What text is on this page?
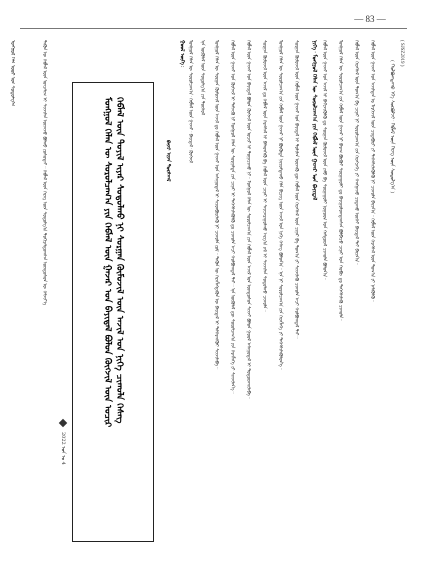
— 83 —
ᠮᠣᠩᠭᠤᠯ ᠬᠡᠯᠡ ᠤᠤᠷ ᠤᠨ ᠰᠤᠳᠤᠯᠭ᠎ᠠ	ᠲᠡᠭᠦᠨ ᠦ ᠬᠡᠪᠯᠡᠯ ᠦᠨ ᠣᠨᠴᠠᠯᠢᠭ ᠢ ᠰᠢᠨᠵᠢᠯᠡᠨ ᠦᠵᠡᠵᠦ ᠪᠣᠯᠬᠤ ᠶᠣᠰᠣᠲᠠᠢ᠃ ᠬᠡᠪᠯᠡᠯ ᠦᠨ ᠬᠡᠷᠡᠭ ᠦᠨ ᠰᠤᠳᠤᠯᠭ᠎ᠠ ᠲᠣᠬᠢᠶᠠᠯᠳᠤᠭᠰᠠᠨ ᠦᠨᠳᠦᠰᠦᠨ ᠦ ᠬᠡᠮᠵᠢᠶ᠎ᠡ
2022 ᠣᠨ ᠤ 4
ᠮᠣᠩᠭᠤᠯ ᠬᠡᠯᠡᠨ ᠦ ᠰᠤᠷᠤᠯᠴᠠᠭ᠎ᠠ ᠶᠢᠨ ᠬᠡᠪᠯᠡᠯ ᠦᠨ ᠭᠠᠵᠠᠷ ᠤᠨ ᠪᠠᠶᠢᠳᠠᠯ ᠪᠣᠯᠣᠨ ᠬᠦᠭᠵᠢᠯ ᠦᠨ ᠤᠴᠢᠷ ᠬᠡᠪᠯᠡᠯ ᠦᠨ ᠲᠤᠶᠢᠯ ᠢᠶᠠᠷ ᠰᠤᠳᠤᠯᠬᠤ ᠨᠢ ᠰᠤᠷᠭᠠᠨ ᠬᠦᠮᠦᠵᠢᠯ ᠦᠨ ᠠᠵᠢᠯ ᠤᠨ ᠨᠢᠭᠡ ᠴᠢᠬᠤᠯᠠ ᠬᠡᠰᠡᠭ	ᠪᠠᠶᠠᠷ ᠢᠶᠠᠨ ᠳᠤᠷᠰᠬᠠᠯ
ᠭᠣᠣᠯ ᠦᠭᠡ᠄ ᠮᠣᠩᠭᠤᠯ ᠬᠡᠯᠡᠨ ᠦ ᠰᠤᠷᠤᠯᠴᠠᠭ᠎ᠠ᠂ ᠬᠡᠪᠯᠡᠯ ᠦᠨ ᠭᠠᠵᠠᠷ᠂ ᠪᠠᠶᠢᠳᠠᠯ᠂ ᠬᠦᠭᠵᠢᠯ	ᠡᠨᠡ ᠥᠭᠦᠯᠡᠯ ᠦᠨ ᠰᠤᠳᠤᠯᠭ᠎ᠠ ᠶᠢᠨ ᠲᠥᠰᠥᠯ	ᠮᠣᠩᠭᠤᠯ ᠬᠡᠯᠡᠨ ᠦ ᠰᠤᠷᠭᠠᠨ ᠬᠦᠮᠦᠵᠢᠯ ᠦᠨ ᠠᠵᠢᠯ ᠳᠤ ᠬᠡᠪᠯᠡᠯ ᠦᠨ ᠭᠠᠵᠠᠷ ᠤᠨ ᠠᠰᠠᠭᠤᠳᠠᠯ ᠢ ᠰᠢᠢᠳᠪᠦᠷᠢᠯᠡᠬᠦ ᠨᠢ ᠴᠢᠬᠤᠯᠠ ᠶᠤᠮ᠃ ᠲᠡᠭᠦᠨ ᠦ ᠬᠡᠷᠡᠭᠯᠡᠭᠳᠡᠬᠦᠨ ᠦ ᠪᠠᠶᠢᠳᠠᠯ ᠢ ᠳᠡᠯᠭᠡᠷᠡᠩᠭᠦᠢ ᠰᠢᠨᠵᠢᠯᠡᠪᠡ᠃	ᠬᠡᠪᠯᠡᠯ ᠦᠨ ᠭᠠᠵᠠᠷ ᠤᠨ ᠬᠦᠭᠵᠢᠯ ᠢ ᠳᠡᠮᠵᠢᠬᠦ ᠨᠢ ᠮᠣᠩᠭᠤᠯ ᠬᠡᠯᠡᠨ ᠦ ᠰᠤᠷᠭᠠᠯᠲᠠ ᠶᠢᠨ ᠴᠢᠨᠠᠷ ᠢ ᠳᠡᠭᠡᠭᠰᠢᠯᠡᠭᠦᠯᠬᠦ ᠳᠤ ᠴᠢᠬᠤᠯᠠ ᠠᠴᠢ ᠬᠣᠯᠪᠣᠭᠳᠠᠯ ᠲᠠᠢ᠃ ᠡᠨᠡ ᠥᠭᠦᠯᠡᠯ ᠳᠦ ᠰᠤᠷᠤᠯᠴᠠᠭ᠎ᠠ ᠶᠢᠨ ᠬᠡᠷᠡᠭᠯᠡᠭᠡ ᠶᠢ ᠰᠢᠨᠵᠢᠯᠡᠨ᠎ᠡ᠃	ᠬᠡᠪᠯᠡᠯ ᠦᠨ ᠭᠠᠵᠠᠷ ᠤᠨ ᠪᠠᠶᠢᠳᠠᠯ ᠪᠣᠯᠣᠨ ᠬᠦᠭᠵᠢᠯ ᠦᠨ ᠤᠴᠢᠷ ᠢ ᠲᠣᠭᠠᠴᠢᠬᠤ ᠨᠢ᠃ ᠮᠣᠩᠭᠤᠯ ᠬᠡᠯᠡᠨ ᠦ ᠰᠤᠷᠤᠯᠴᠠᠭ᠎ᠠ ᠶᠢᠨ ᠬᠡᠪᠯᠡᠯ ᠦᠨ ᠠᠵᠢᠯ ᠤᠨ ᠦᠨᠳᠦᠰᠦᠨ ᠰᠢᠨᠵᠢ ᠪᠣᠯᠣᠨ ᠭᠣᠣᠯ ᠠᠰᠠᠭᠤᠳᠠᠯ ᠢ ᠲᠣᠳᠣᠷᠬᠠᠢᠯᠠᠪᠠ᠃	ᠰᠤᠷᠭᠠᠨ ᠬᠦᠮᠦᠵᠢᠯ ᠦᠨ ᠠᠵᠢᠯ ᠳᠤ ᠬᠡᠪᠯᠡᠯ ᠦᠨ ᠬᠡᠷᠡᠭᠰᠡᠯ ᠢ ᠪᠡᠯᠡᠳᠬᠡᠬᠦ ᠪᠠ ᠬᠡᠪᠯᠡᠯ ᠦᠨ ᠴᠢᠨᠠᠷ ᠢ ᠰᠠᠶᠢᠵᠢᠷᠠᠭᠤᠯᠬᠤ ᠠᠷᠭ᠎ᠠ ᠵᠠᠮ ᠢ ᠰᠢᠨᠵᠢᠯᠡᠨ ᠰᠤᠳᠤᠯᠬᠤ ᠴᠢᠬᠤᠯᠠ᠃	ᠮᠣᠩᠭᠤᠯ ᠬᠡᠯᠡᠨ ᠦ ᠰᠤᠷᠤᠯᠴᠠᠭ᠎ᠠ ᠶᠢᠨ ᠬᠡᠪᠯᠡᠯ ᠦᠨ ᠭᠠᠵᠠᠷ ᠨᠢ ᠪᠦᠭᠦᠳᠡ ᠨᠠᠶᠢᠷᠠᠮᠳᠠᠬᠤ ᠬᠡᠯᠡ ᠪᠢᠴᠢᠭ ᠦᠨ ᠠᠵᠢᠯ ᠤᠨ ᠨᠢᠭᠡ ᠬᠡᠰᠡᠭ ᠪᠣᠯᠣᠨ᠎ᠠ᠃ ᠡᠨᠡ ᠨᠢ ᠰᠤᠷᠤᠯᠴᠠᠭ᠎ᠠ ᠶᠢᠨ ᠬᠡᠷᠡᠭᠯᠡᠭᠡ ᠶᠢ ᠳᠡᠭᠡᠭᠰᠢᠯᠡᠭᠦᠯᠦᠨ᠎ᠡ᠃	ᠰᠤᠷᠭᠠᠨ ᠬᠦᠮᠦᠵᠢᠯ ᠦᠨ ᠬᠡᠪᠯᠡᠯ ᠦᠨ ᠭᠠᠵᠠᠷ ᠤᠨ ᠪᠠᠶᠢᠳᠠᠯ ᠢ ᠲᠣᠯᠢᠯᠠᠨ ᠦᠵᠡᠬᠦ ᠳᠦ ᠬᠡᠪᠯᠡᠯ ᠦᠨ ᠬᠡᠷᠡᠭᠰᠡᠯ ᠦᠨ ᠴᠢᠨᠠᠷ ᠪᠠ ᠲᠣᠭ᠎ᠠ ᠶᠢ ᠰᠢᠨᠵᠢᠯᠡᠬᠦ ᠴᠢᠬᠤᠯᠠ ᠠᠴᠢ ᠬᠣᠯᠪᠣᠭᠳᠠᠯ ᠲᠠᠢ᠃	ᠨᠢᠭᠡ᠂ ᠮᠣᠩᠭᠤᠯ ᠬᠡᠯᠡᠨ ᠦ ᠰᠤᠷᠤᠯᠴᠠᠭ᠎ᠠ ᠶᠢᠨ ᠬᠡᠪᠯᠡᠯ ᠦᠨ ᠭᠠᠵᠠᠷ ᠤᠨ ᠪᠠᠶᠢᠳᠠᠯ ᠬᠡᠪᠯᠡᠯ ᠦᠨ ᠭᠠᠵᠠᠷ ᠤᠨ ᠠᠵᠢᠯ ᠢ ᠪᠡᠬᠢᠵᠢᠭᠦᠯᠬᠦ ᠳᠤ ᠰᠤᠷᠭᠠᠨ ᠬᠦᠮᠦᠵᠢᠯ ᠦᠨ ᠶᠠᠮᠤ ᠪᠠ ᠰᠤᠷᠭᠠᠭᠤᠯᠢ ᠨᠤᠭᠤᠳ ᠤᠨ ᠬᠠᠮᠲᠤᠷᠠᠯ ᠴᠢᠬᠤᠯᠠ ᠪᠣᠯᠣᠨ᠎ᠠ᠃	ᠮᠣᠩᠭᠤᠯ ᠬᠡᠯᠡᠨ ᠦ ᠰᠤᠷᠤᠯᠴᠠᠭ᠎ᠠ ᠶᠢᠨ ᠬᠡᠪᠯᠡᠯ ᠦᠨ ᠭᠠᠵᠠᠷ ᠨᠢ ᠪᠠᠷᠠᠭ ᠪᠦᠬᠦᠢ ᠰᠤᠷᠭᠠᠭᠤᠯᠢ ᠳᠤ ᠪᠠᠶᠢᠭᠤᠯᠤᠭᠳᠠᠭᠰᠠᠨ ᠪᠣᠯᠪᠠᠴᠤ ᠴᠢᠨᠠᠷ ᠤᠨ ᠬᠤᠪᠢ ᠳᠤ ᠳᠡᠭᠡᠭᠰᠢᠯᠡᠬᠦ ᠴᠢᠬᠤᠯᠠ᠃	ᠬᠡᠪᠯᠡᠯ ᠦᠨ ᠬᠡᠷᠡᠭᠰᠡᠯ ᠦᠨ ᠲᠣᠭ᠎ᠠ ᠪᠠ ᠴᠢᠨᠠᠷ ᠨᠢ ᠰᠤᠷᠤᠯᠴᠠᠭ᠎ᠠ ᠶᠢᠨ ᠬᠡᠷᠡᠭᠴᠡᠭᠡ ᠶᠢ ᠬᠠᠩᠭᠠᠵᠤ ᠴᠢᠳᠠᠬᠤ ᠦᠭᠡᠢ ᠪᠠᠶᠢᠳᠠᠯ ᠲᠠᠢ ᠪᠠᠶᠢᠨ᠎ᠠ᠃	ᠬᠡᠪᠯᠡᠯ ᠦᠨ ᠭᠠᠵᠠᠷ ᠤᠨ ᠠᠵᠢᠯᠲᠠᠨ ᠤ ᠮᠡᠷᠭᠡᠵᠢᠯ ᠦᠨ ᠴᠢᠳᠠᠪᠤᠷᠢ ᠶᠢ ᠳᠡᠭᠡᠭᠰᠢᠯᠡᠭᠦᠯᠬᠦ ᠨᠢ ᠴᠢᠬᠤᠯᠠ ᠪᠠᠶᠢᠨ᠎ᠠ᠃ ᠬᠡᠪᠯᠡᠯ ᠦᠨ ᠬᠡᠷᠡᠭᠰᠡᠯ ᠦᠨ ᠲᠣᠭ᠎ᠠ ᠶᠢ ᠨᠡᠮᠡᠭᠦᠯᠬᠦ᠃	( ᠬᠣᠯᠪᠣᠭᠳᠠᠬᠤ ᠡᠬᠡ ᠰᠤᠷᠪᠤᠯᠵᠢ᠂ ᠬᠡᠪᠯᠡᠯ ᠦᠨ ᠬᠡᠷᠡᠭ ᠦᠨ ᠰᠤᠳᠤᠯᠭ᠎ᠠ )
( SJSZ2019 )
